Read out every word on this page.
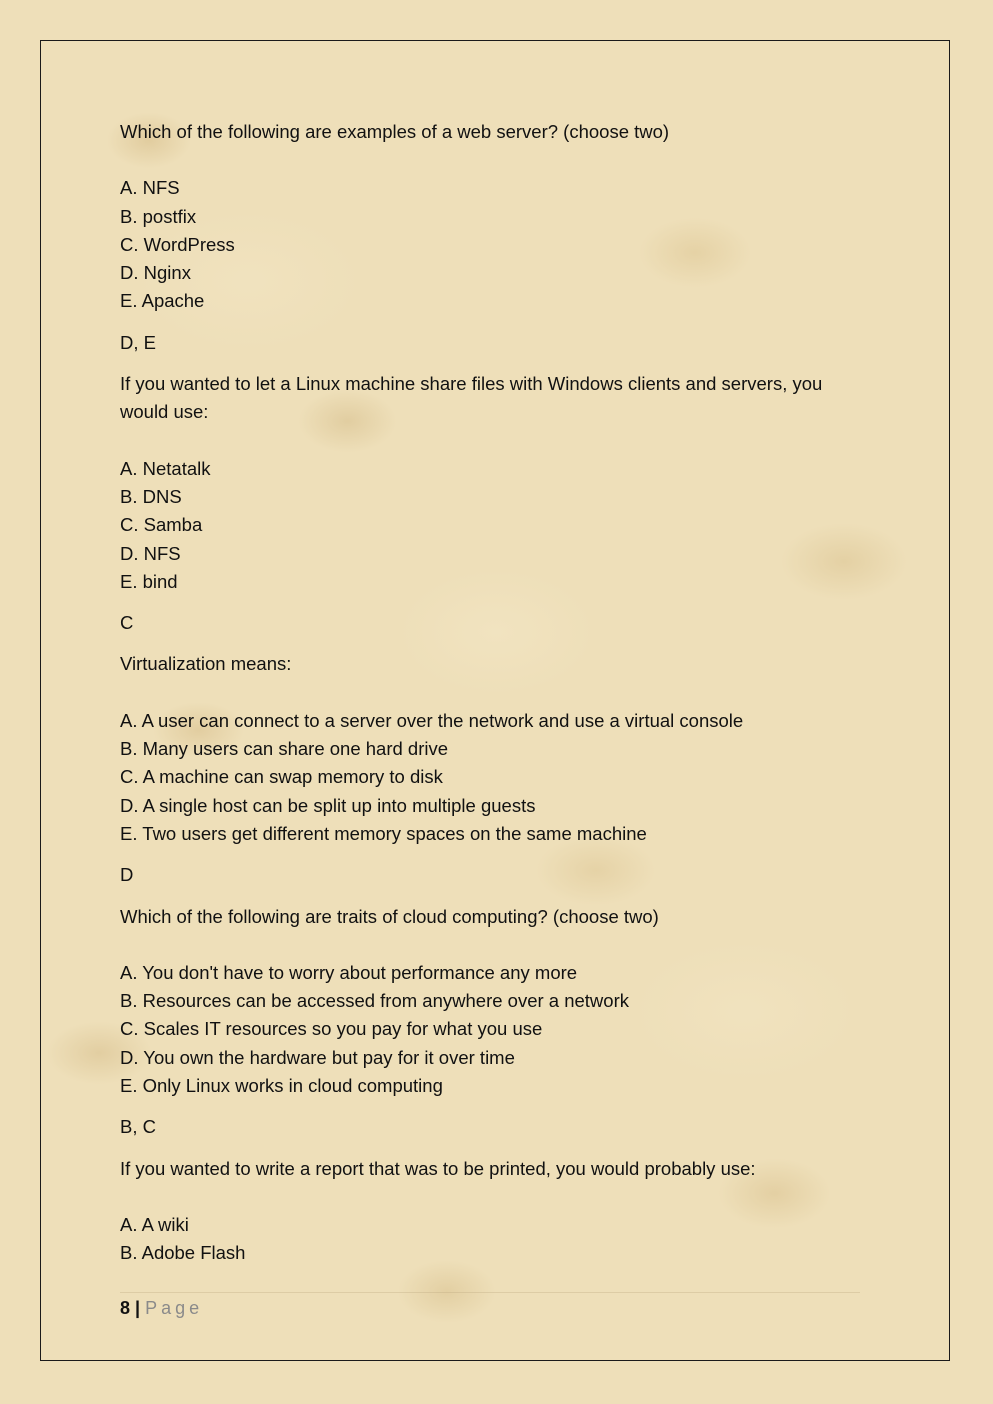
Which of the following are examples of a web server? (choose two)

A. NFS
B. postfix
C. WordPress
D. Nginx
E. Apache

D, E

If you wanted to let a Linux machine share files with Windows clients and servers, you would use:

A. Netatalk
B. DNS
C. Samba
D. NFS
E. bind

C

Virtualization means:

A. A user can connect to a server over the network and use a virtual console
B. Many users can share one hard drive
C. A machine can swap memory to disk
D. A single host can be split up into multiple guests
E. Two users get different memory spaces on the same machine

D

Which of the following are traits of cloud computing? (choose two)

A. You don't have to worry about performance any more
B. Resources can be accessed from anywhere over a network
C. Scales IT resources so you pay for what you use
D. You own the hardware but pay for it over time
E. Only Linux works in cloud computing

B, C

If you wanted to write a report that was to be printed, you would probably use:

A. A wiki
B. Adobe Flash
8 | Page
